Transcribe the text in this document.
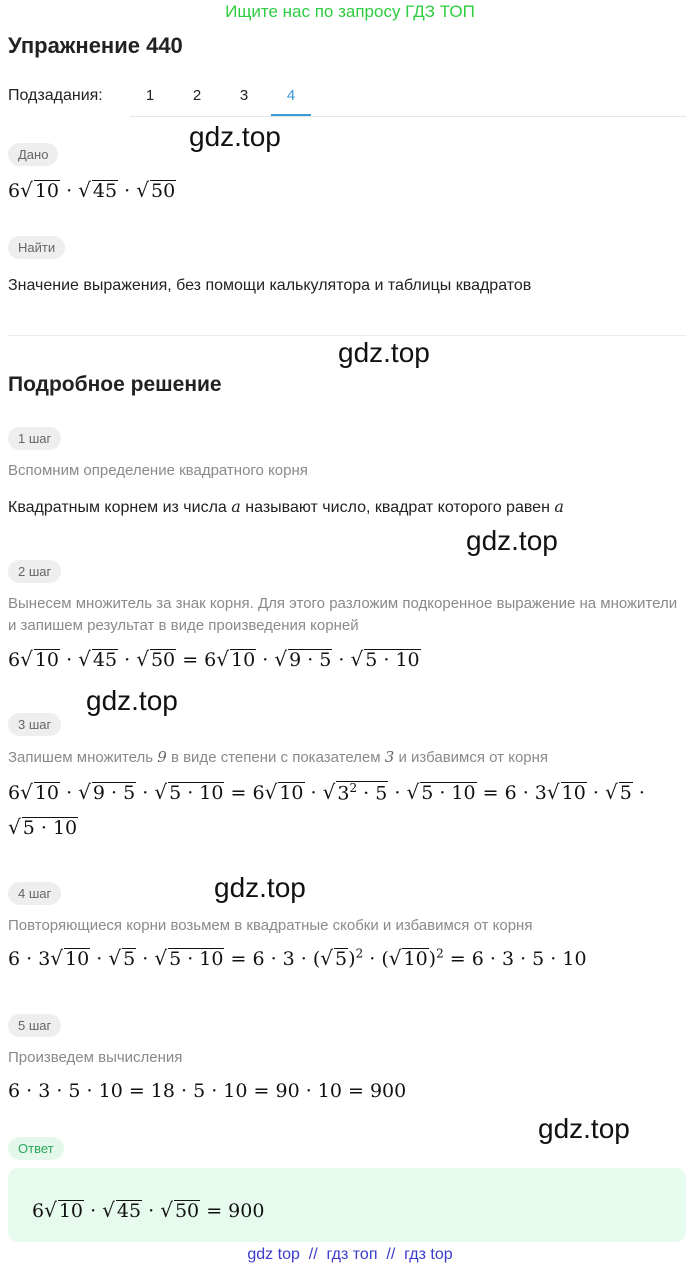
Ищите нас по запросу ГДЗ ТОП
Упражнение 440
Подзадания:	1	2	3	4
Дано
6√ 10 · √ 45 · √ 50
Найти
Значение выражения, без помощи калькулятора и таблицы квадратов
Подробное решение
1 шаг
Вспомним определение квадратного корня
Квадратным корнем из числа a называют число, квадрат которого равен a
2 шаг
Вынесем множитель за знак корня. Для этого разложим подкоренное выражение на множители и запишем результат в виде произведения корней
6√ 10 · √ 45 · √ 50 = 6√ 10 · √ 9 · 5 · √ 5 · 10
3 шаг
Запишем множитель 9 в виде степени с показателем 3 и избавимся от корня
6√ 10 · √ 9 · 5 · √ 5 · 10 = 6√ 10 · √ $3^2 \cdot 5$ · √ 5 · 10 = 6 · 3√ 10 · √ 5 ·
√ 5 · 10
4 шаг
Повторяющиеся корни возьмем в квадратные скобки и избавимся от корня
6 · 3√ 10 · √ 5 · √ 5 · 10 = 6 · 3 · (√ 5)$^2$ · (√ 10)$^2$ = 6 · 3 · 5 · 10
5 шаг
Произведем вычисления
6 · 3 · 5 · 10 = 18 · 5 · 10 = 90 · 10 = 900
Ответ
6√ 10 · √ 45 · √ 50 = 900
gdz.top
gdz.top
gdz.top
gdz.top
gdz.top
gdz.top
gdz top  //  гдз топ  //  гдз top
